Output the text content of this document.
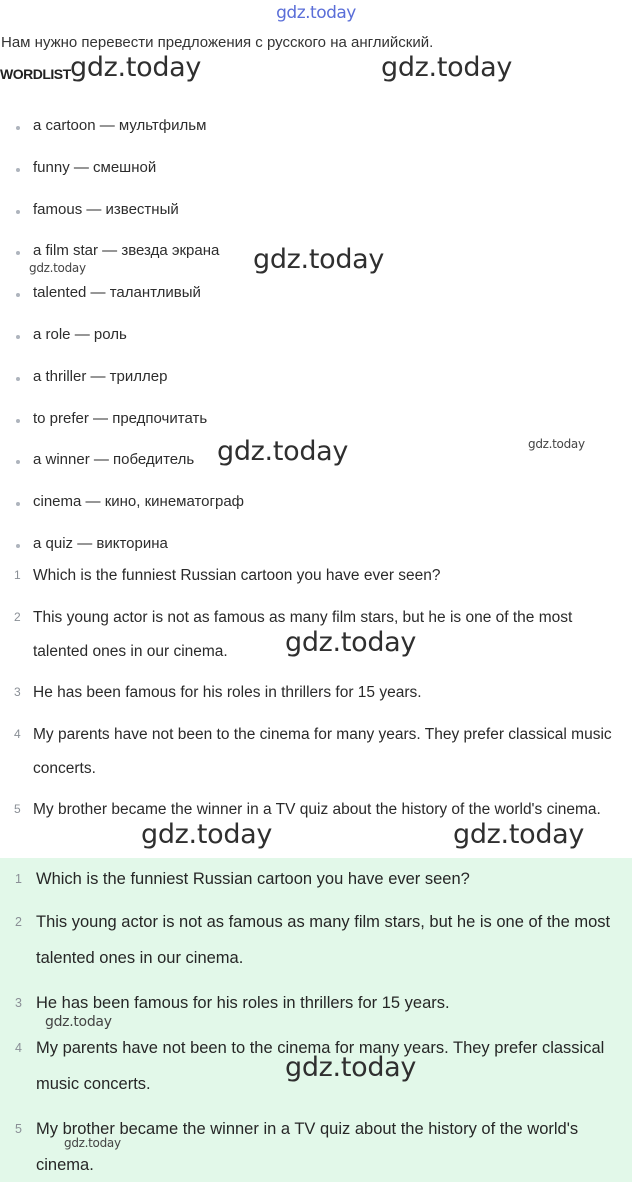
gdz.today
Нам нужно перевести предложения с русского на английский.
WORDLIST
a cartoon — мультфильм
funny — смешной
famous — известный
a film star — звезда экрана
talented — талантливый
a role — роль
a thriller — триллер
to prefer — предпочитать
a winner — победитель
cinema — кино, кинематограф
a quiz — викторина
1 Which is the funniest Russian cartoon you have ever seen?
2 This young actor is not as famous as many film stars, but he is one of the most talented ones in our cinema.
3 He has been famous for his roles in thrillers for 15 years.
4 My parents have not been to the cinema for many years. They prefer classical music concerts.
5 My brother became the winner in a TV quiz about the history of the world's cinema.
1 Which is the funniest Russian cartoon you have ever seen?
2 This young actor is not as famous as many film stars, but he is one of the most talented ones in our cinema.
3 He has been famous for his roles in thrillers for 15 years.
4 My parents have not been to the cinema for many years. They prefer classical music concerts.
5 My brother became the winner in a TV quiz about the history of the world's cinema.
gdz.today	gdz.today
gdz.today
gdz.today
gdz.today	gdz.today
gdz.today
gdz.today	gdz.today
gdz.today
gdz.today
gdz.today
